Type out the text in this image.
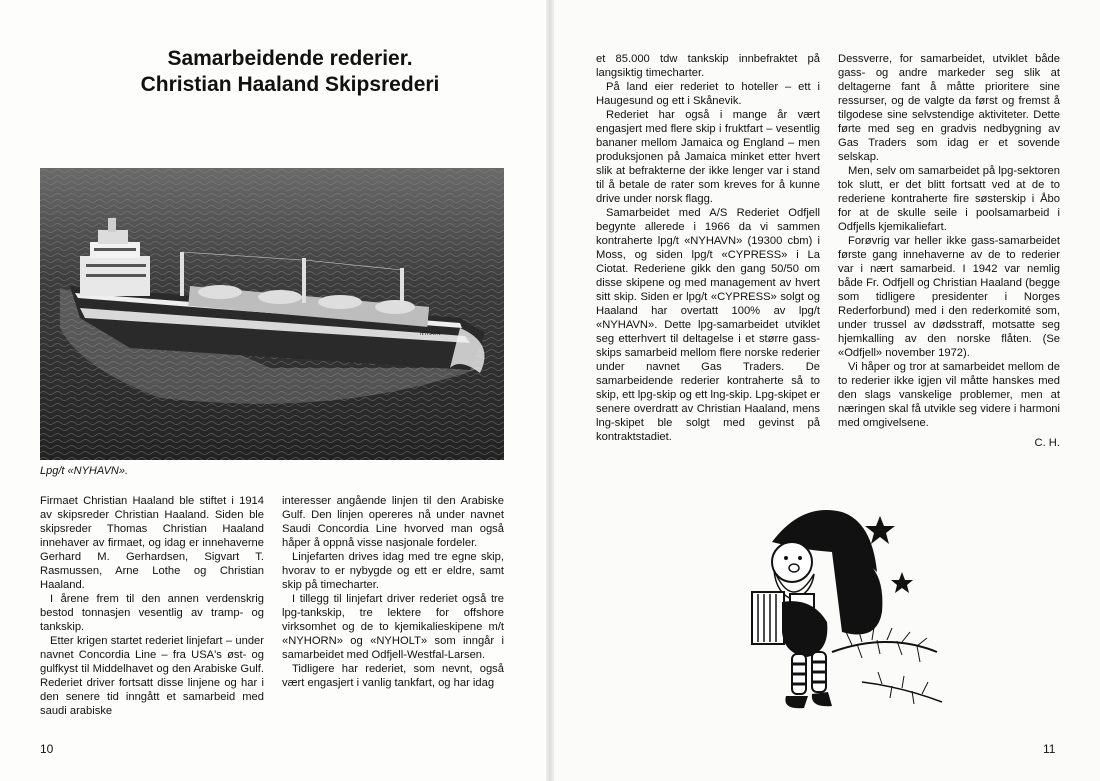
Samarbeidende rederier.
Christian Haaland Skipsrederi
NYHAVN

Lpg/t «NYHAVN».

Firmaet Christian Haaland ble stiftet i 1914 av skipsreder Christian Haaland. Siden ble skipsreder Thomas Christian Haaland innehaver av firmaet, og idag er innehaverne Gerhard M. Gerhardsen, Sigvart T. Rasmussen, Arne Lothe og Christian Haaland.

I årene frem til den annen verdenskrig bestod tonnasjen vesentlig av tramp- og tankskip.

Etter krigen startet rederiet linjefart – under navnet Concordia Line – fra USA's øst- og gulfkyst til Middelhavet og den Arabiske Gulf. Rederiet driver fortsatt disse linjene og har i den senere tid inngått et samarbeid med saudi arabiske

interesser angående linjen til den Arabiske Gulf. Den linjen opereres nå under navnet Saudi Concordia Line hvorved man også håper å oppnå visse nasjonale fordeler.

Linjefarten drives idag med tre egne skip, hvorav to er nybygde og ett er eldre, samt skip på timecharter.

I tillegg til linjefart driver rederiet også tre lpg-tankskip, tre lektere for offshore virksomhet og de to kjemikalieskipene m/t «NYHORN» og «NYHOLT» som inngår i samarbeidet med Odfjell-Westfal-Larsen.

Tidligere har rederiet, som nevnt, også vært engasjert i vanlig tankfart, og har idag

10

et 85.000 tdw tankskip innbefraktet på langsiktig timecharter.

På land eier rederiet to hoteller – ett i Haugesund og ett i Skånevik.

Rederiet har også i mange år vært engasjert med flere skip i fruktfart – vesentlig bananer mellom Jamaica og England – men produksjonen på Jamaica minket etter hvert slik at befrakterne der ikke lenger var i stand til å betale de rater som kreves for å kunne drive under norsk flagg.

Samarbeidet med A/S Rederiet Odfjell begynte allerede i 1966 da vi sammen kontraherte lpg/t «NYHAVN» (19300 cbm) i Moss, og siden lpg/t «CYPRESS» i La Ciotat. Rederiene gikk den gang 50/50 om disse skipene og med management av hvert sitt skip. Siden er lpg/t «CYPRESS» solgt og Haaland har overtatt 100% av lpg/t «NYHAVN». Dette lpg-samarbeidet utviklet seg etterhvert til deltagelse i et større gass-skips samarbeid mellom flere norske rederier under navnet Gas Traders. De samarbeidende rederier kontraherte så to skip, ett lpg-skip og ett lng-skip. Lpg-skipet er senere overdratt av Christian Haaland, mens lng-skipet ble solgt med gevinst på kontraktstadiet.

Dessverre, for samarbeidet, utviklet både gass- og andre markeder seg slik at deltagerne fant å måtte prioritere sine ressurser, og de valgte da først og fremst å tilgodese sine selvstendige aktiviteter. Dette førte med seg en gradvis nedbygning av Gas Traders som idag er et sovende selskap.

Men, selv om samarbeidet på lpg-sektoren tok slutt, er det blitt fortsatt ved at de to rederiene kontraherte fire søsterskip i Åbo for at de skulle seile i poolsamarbeid i Odfjells kjemikaliefart.

Forøvrig var heller ikke gass-samarbeidet første gang innehaverne av de to rederier var i nært samarbeid. I 1942 var nemlig både Fr. Odfjell og Christian Haaland (begge som tidligere presidenter i Norges Rederforbund) med i den rederkomité som, under trussel av dødsstraff, motsatte seg hjemkalling av den norske flåten. (Se «Odfjell» november 1972).

Vi håper og tror at samarbeidet mellom de to rederier ikke igjen vil måtte hanskes med den slags vanskelige problemer, men at næringen skal få utvikle seg videre i harmoni med omgivelsene.

C. H.

11
